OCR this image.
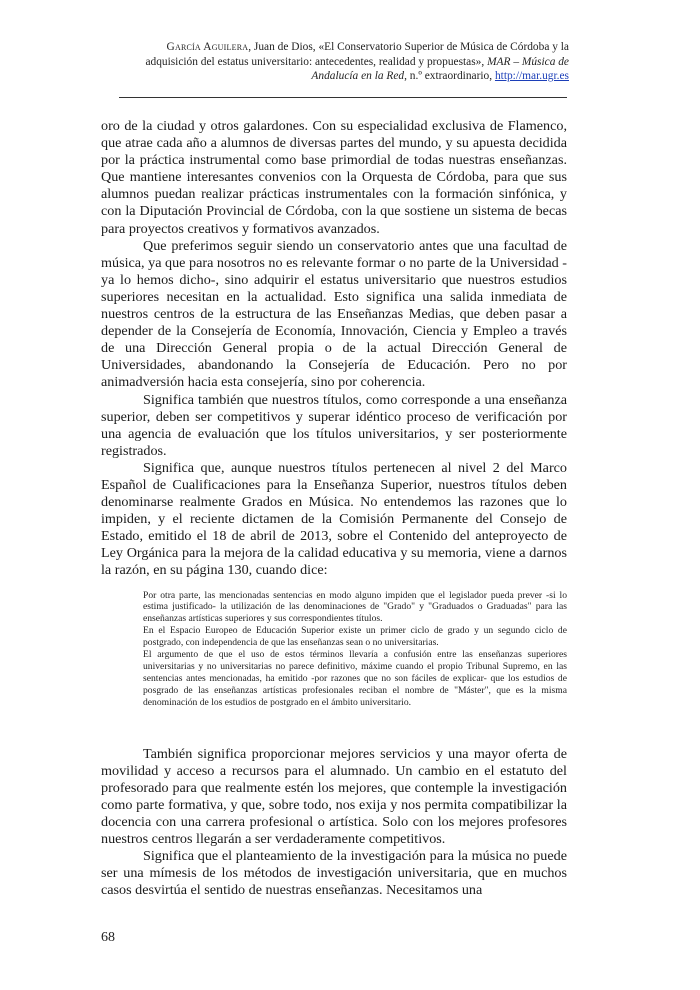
García Aguilera, Juan de Dios, «El Conservatorio Superior de Música de Córdoba y la
adquisición del estatus universitario: antecedentes, realidad y propuestas», MAR – Música de
Andalucía en la Red, n.º extraordinario, http://mar.ugr.es

oro de la ciudad y otros galardones. Con su especialidad exclusiva de Flamenco, que atrae cada año a alumnos de diversas partes del mundo, y su apuesta decidida por la práctica instrumental como base primordial de todas nuestras enseñanzas. Que mantiene interesantes convenios con la Orquesta de Córdoba, para que sus alumnos puedan realizar prácticas instrumentales con la formación sinfónica, y con la Diputación Provincial de Córdoba, con la que sostiene un sistema de becas para proyectos creativos y formativos avanzados.

Que preferimos seguir siendo un conservatorio antes que una facultad de música, ya que para nosotros no es relevante formar o no parte de la Universidad -ya lo hemos dicho-, sino adquirir el estatus universitario que nuestros estudios superiores necesitan en la actualidad. Esto significa una salida inmediata de nuestros centros de la estructura de las Enseñanzas Medias, que deben pasar a depender de la Consejería de Economía, Innovación, Ciencia y Empleo a través de una Dirección General propia o de la actual Dirección General de Universidades, abandonando la Consejería de Educación. Pero no por animadversión hacia esta consejería, sino por coherencia.

Significa también que nuestros títulos, como corresponde a una enseñanza superior, deben ser competitivos y superar idéntico proceso de verificación por una agencia de evaluación que los títulos universitarios, y ser posteriormente registrados.

Significa que, aunque nuestros títulos pertenecen al nivel 2 del Marco Español de Cualificaciones para la Enseñanza Superior, nuestros títulos deben denominarse realmente Grados en Música. No entendemos las razones que lo impiden, y el reciente dictamen de la Comisión Permanente del Consejo de Estado, emitido el 18 de abril de 2013, sobre el Contenido del anteproyecto de Ley Orgánica para la mejora de la calidad educativa y su memoria, viene a darnos la razón, en su página 130, cuando dice:

Por otra parte, las mencionadas sentencias en modo alguno impiden que el legislador pueda prever -si lo estima justificado- la utilización de las denominaciones de "Grado" y "Graduados o Graduadas" para las enseñanzas artísticas superiores y sus correspondientes títulos.

En el Espacio Europeo de Educación Superior existe un primer ciclo de grado y un segundo ciclo de postgrado, con independencia de que las enseñanzas sean o no universitarias.

El argumento de que el uso de estos términos llevaría a confusión entre las enseñanzas superiores universitarias y no universitarias no parece definitivo, máxime cuando el propio Tribunal Supremo, en las sentencias antes mencionadas, ha emitido -por razones que no son fáciles de explicar- que los estudios de posgrado de las enseñanzas artísticas profesionales reciban el nombre de "Máster", que es la misma denominación de los estudios de postgrado en el ámbito universitario.

También significa proporcionar mejores servicios y una mayor oferta de movilidad y acceso a recursos para el alumnado. Un cambio en el estatuto del profesorado para que realmente estén los mejores, que contemple la investigación como parte formativa, y que, sobre todo, nos exija y nos permita compatibilizar la docencia con una carrera profesional o artística. Solo con los mejores profesores nuestros centros llegarán a ser verdaderamente competitivos.

Significa que el planteamiento de la investigación para la música no puede ser una mímesis de los métodos de investigación universitaria, que en muchos casos desvirtúa el sentido de nuestras enseñanzas. Necesitamos una

68
